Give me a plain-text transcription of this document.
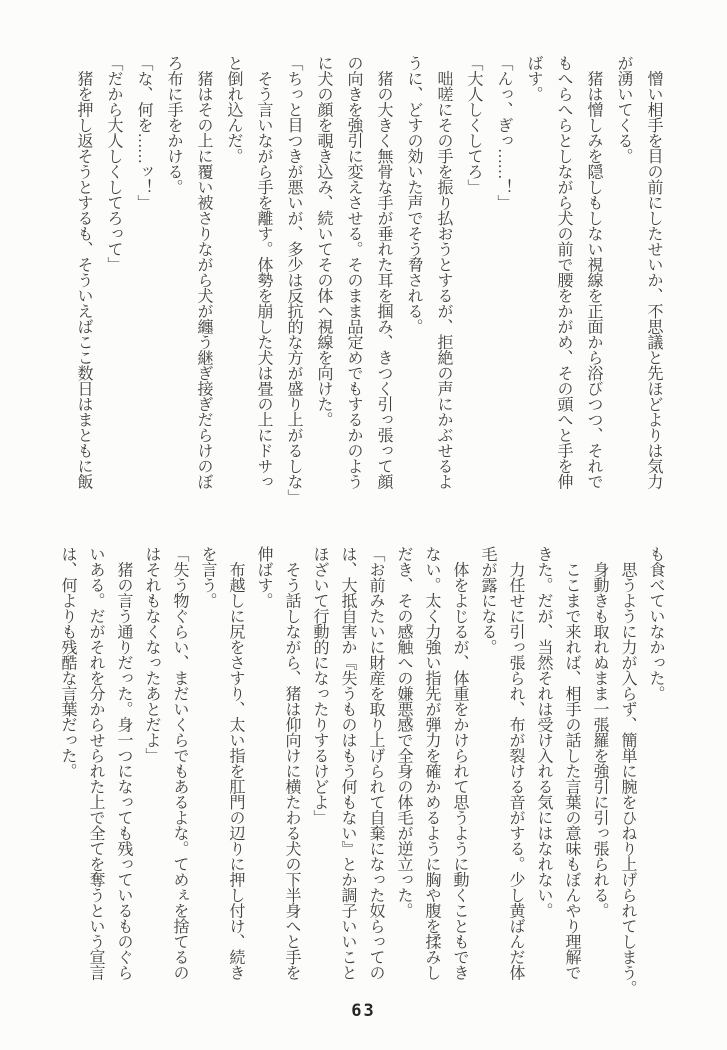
　憎い相手を目の前にしたせいか、不思議と先ほどよりは気力
が湧いてくる。
　猪は憎しみを隠しもしない視線を正面から浴びつつ、それで
もへらへらとしながら犬の前で腰をかがめ、その頭へと手を伸
ばす。
「んっ、ぎっ……！」
「大人しくしてろ」
　咄嗟にその手を振り払おうとするが、拒絶の声にかぶせるよ
うに、どすの効いた声でそう脅される。
　猪の大きく無骨な手が垂れた耳を掴み、きつく引っ張って顔
の向きを強引に変えさせる。そのまま品定めでもするかのよう
に犬の顔を覗き込み、続いてその体へ視線を向けた。
「ちっと目つきが悪いが、多少は反抗的な方が盛り上がるしな」
　そう言いながら手を離す。体勢を崩した犬は畳の上にドサっ
と倒れ込んだ。
　猪はその上に覆い被さりながら犬が纏う継ぎ接ぎだらけのぼ
ろ布に手をかける。
「な、何を……ッ！」
「だから大人しくしてろって」
　猪を押し返そうとするも、そういえばここ数日はまともに飯
も食べていなかった。
　思うように力が入らず、簡単に腕をひねり上げられてしまう。
　身動きも取れぬまま一張羅を強引に引っ張られる。
　ここまで来れば、相手の話した言葉の意味もぼんやり理解で
きた。だが、当然それは受け入れる気にはなれない。
　力任せに引っ張られ、布が裂ける音がする。少し黄ばんだ体
毛が露になる。
　体をよじるが、体重をかけられて思うように動くこともでき
ない。太く力強い指先が弾力を確かめるように胸や腹を揉みし
だき、その感触への嫌悪感で全身の体毛が逆立った。
「お前みたいに財産を取り上げられて自棄になった奴らっての
は、大抵自害か『失うものはもう何もない』とか調子いいこと
ほざいて行動的になったりするけどよ」
　そう話しながら、猪は仰向けに横たわる犬の下半身へと手を
伸ばす。
　布越しに尻をさすり、太い指を肛門の辺りに押し付け、続き
を言う。
「失う物ぐらい、まだいくらでもあるよな。てめぇを捨てるの
はそれもなくなったあとだよ」
　猪の言う通りだった。身一つになっても残っているものぐら
いある。だがそれを分からせられた上で全てを奪うという宣言
は、何よりも残酷な言葉だった。
63
